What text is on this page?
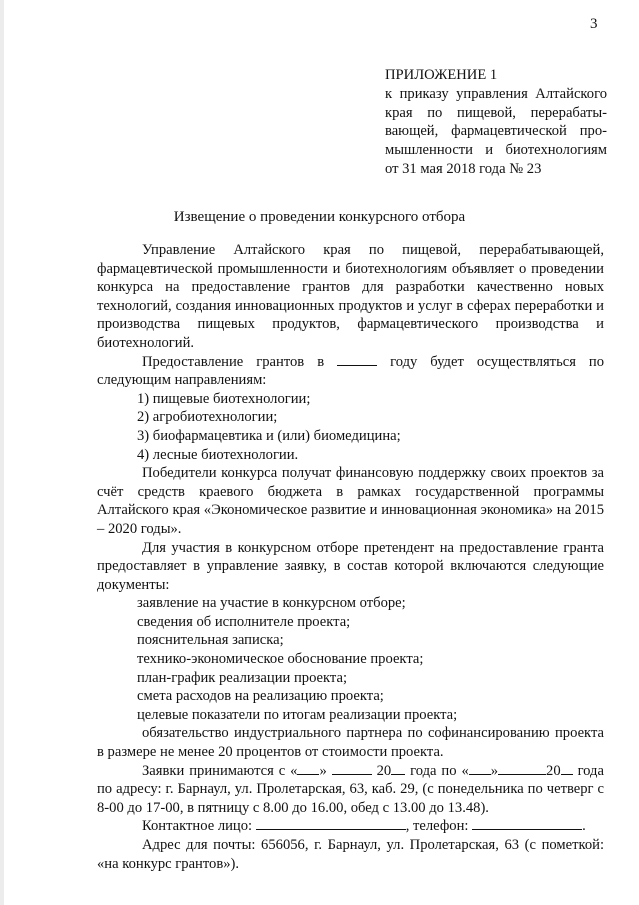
3
ПРИЛОЖЕНИЕ 1
к приказу управления Алтайского
края по пищевой, перерабаты-
вающей, фармацевтической про-
мышленности и биотехнологиям
от 31 мая 2018 года № 23
Извещение о проведении конкурсного отбора

Управление Алтайского края по пищевой, перерабатывающей, фармацевтической промышленности и биотехнологиям объявляет о проведении конкурса на предоставление грантов для разработки качественно новых технологий, создания инновационных продуктов и услуг в сферах переработки и производства пищевых продуктов, фармацевтического производства и биотехнологий.

Предоставление грантов в	году будет осуществляться по следующим направлениям:

1) пищевые биотехнологии;
2) агробиотехнологии;
3) биофармацевтика и (или) биомедицина;
4) лесные биотехнологии.

Победители конкурса получат финансовую поддержку своих проектов за счёт средств краевого бюджета в рамках государственной программы Алтайского края «Экономическое развитие и инновационная экономика» на 2015 – 2020 годы».

Для участия в конкурсном отборе претендент на предоставление гранта предоставляет в управление заявку, в состав которой включаются следующие документы:

заявление на участие в конкурсном отборе;
сведения об исполнителе проекта;
пояснительная записка;
технико-экономическое обоснование проекта;
план-график реализации проекта;
смета расходов на реализацию проекта;
целевые показатели по итогам реализации проекта;

обязательство индустриального партнера по софинансированию проекта в размере не менее 20 процентов от стоимости проекта.

Заявки принимаются с « »	20 года по « »	20 года по адресу: г. Барнаул, ул. Пролетарская, 63, каб. 29, (с понедельника по четверг с 8-00 до 17-00, в пятницу с 8.00 до 16.00, обед с 13.00 до 13.48).

Контактное лицо:	, телефон:	.

Адрес для почты: 656056, г. Барнаул, ул. Пролетарская, 63 (с пометкой: «на конкурс грантов»).
